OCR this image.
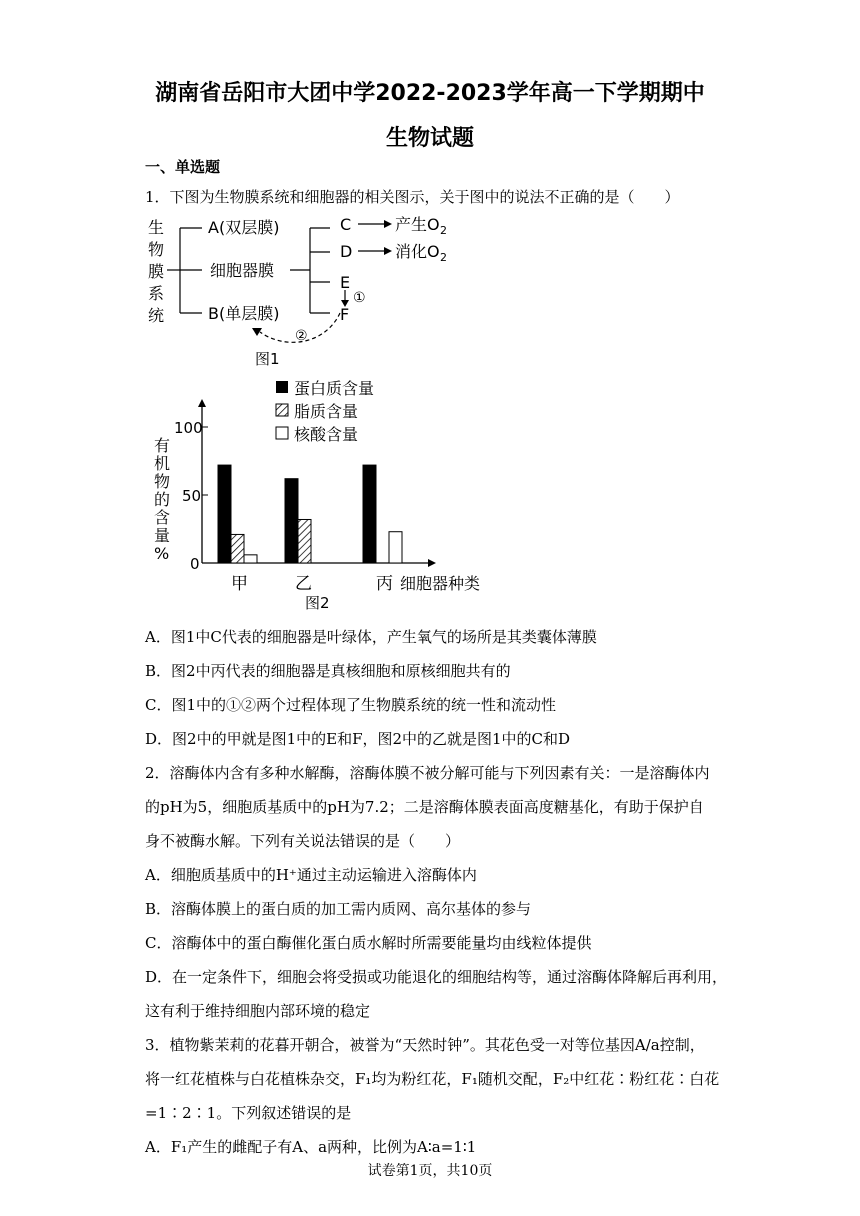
湖南省岳阳市大团中学2022-2023学年高一下学期期中
生物试题
一、单选题
1．下图为生物膜系统和细胞器的相关图示，关于图中的说法不正确的是（　　）
生
物
膜
系
统
A(双层膜)
细胞器膜
B(单层膜)
C	产生O 2
D	消化O 2
E
①
F
②
图1
蛋白质含量
脂质含量
核酸含量
有
机
物
的
含
量
%
100
50
0
甲	乙	丙 细胞器种类
图2
A．图1中C代表的细胞器是叶绿体，产生氧气的场所是其类囊体薄膜
B．图2中丙代表的细胞器是真核细胞和原核细胞共有的
C．图1中的①②两个过程体现了生物膜系统的统一性和流动性
D．图2中的甲就是图1中的E和F，图2中的乙就是图1中的C和D
2．溶酶体内含有多种水解酶，溶酶体膜不被分解可能与下列因素有关：一是溶酶体内
的pH为5，细胞质基质中的pH为7.2；二是溶酶体膜表面高度糖基化，有助于保护自
身不被酶水解。下列有关说法错误的是（　　）
A．细胞质基质中的H⁺通过主动运输进入溶酶体内
B．溶酶体膜上的蛋白质的加工需内质网、高尔基体的参与
C．溶酶体中的蛋白酶催化蛋白质水解时所需要能量均由线粒体提供
D．在一定条件下，细胞会将受损或功能退化的细胞结构等，通过溶酶体降解后再利用，
这有利于维持细胞内部环境的稳定
3．植物紫茉莉的花暮开朝合，被誉为“天然时钟”。其花色受一对等位基因A/a控制，
将一红花植株与白花植株杂交，F₁均为粉红花，F₁随机交配，F₂中红花∶粉红花∶白花
=1∶2∶1。下列叙述错误的是
A．F₁产生的雌配子有A、a两种，比例为A∶a=1∶1
试卷第1页，共10页
